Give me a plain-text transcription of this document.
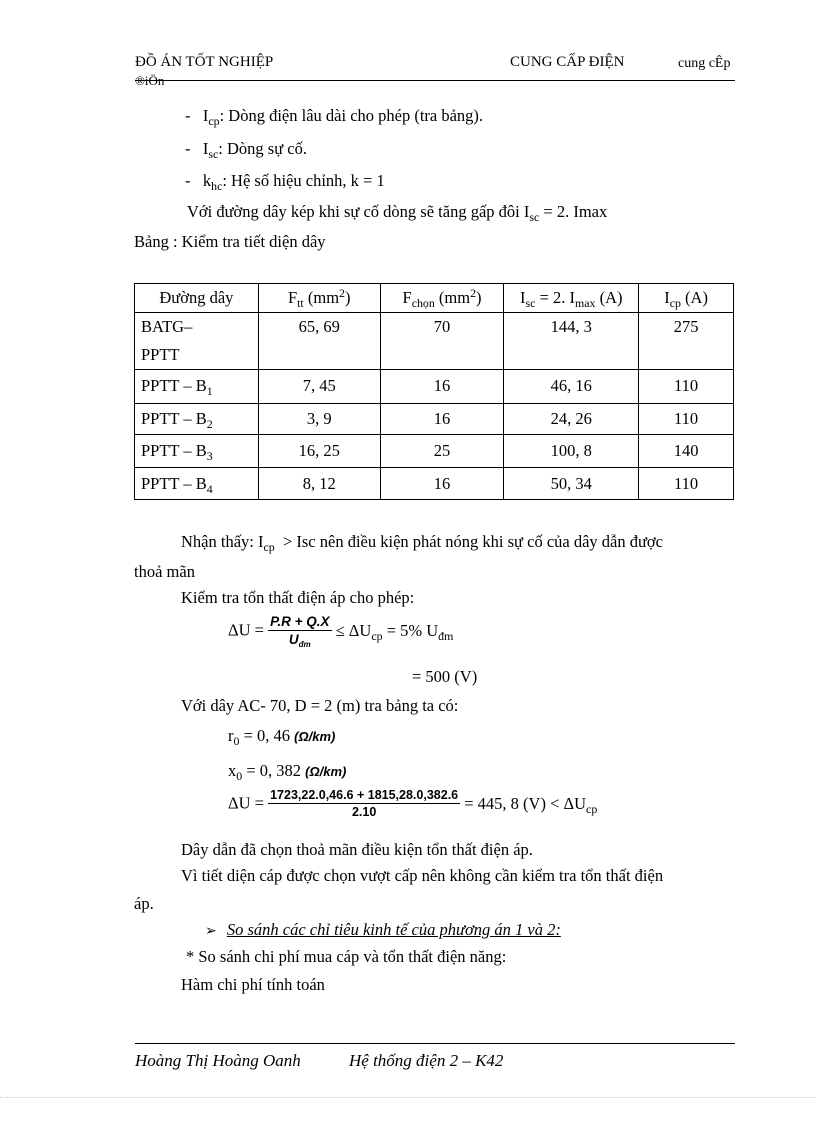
ĐỒ ÁN TỐT NGHIỆP	CUNG CẤP ĐIỆN	cung cÊp
®iÖn
-   $I_{cp}$: Dòng điện lâu dài cho phép (tra bảng).
-   $I_{sc}$: Dòng sự cố.
-   $k_{hc}$: Hệ số hiệu chỉnh, k = 1
Với đường dây kép khi sự cố dòng sẽ tăng gấp đôi $I_{sc} = 2$. Imax
Bảng : Kiểm tra tiết diện dây
Đường dây	$F_{tt}$ $(mm^2)$	$F_{chọn}$ $(mm^2)$	$I_{sc} = 2$. $I_{max}$ (A)	$I_{cp}$ (A)
BATG–
PPTT	65, 69	70	144, 3	275
PPTT – $B_1$	7, 45	16	46, 16	110
PPTT – $B_2$	3, 9	16	24, 26	110
PPTT – $B_3$	16, 25	25	100, 8	140
PPTT – $B_4$	8, 12	16	50, 34	110
Nhận thấy: $I_{cp}$  > Isc nên điều kiện phát nóng khi sự cố của dây dẫn được
thoả mãn
Kiểm tra tổn thất điện áp cho phép:
$\Delta U = \frac{P.R + Q.X}{U_{đm}} \le \Delta U_{cp} = 5\%$ $U_{đm}$
= 500 (V)
Với dây AC- 70, D = 2 (m) tra bảng ta có:
$r_0 = 0$, 46 (Ω/km)
$x_0 = 0$, 382 (Ω/km)
$\Delta U = \frac{1723,22.0,46.6 + 1815,28.0,382.6}{2.10} = 445$, 8 $(V) < \Delta U_{cp}$
Dây dẫn đã chọn thoả mãn điều kiện tổn thất điện áp.
Vì tiết diện cáp được chọn vượt cấp nên không cần kiểm tra tổn thất điện
áp.
➢ So sánh các chỉ tiêu kinh tế của phương án 1 và 2:
* So sánh chi phí mua cáp và tổn thất điện năng:
Hàm chi phí tính toán
Hoàng Thị Hoàng Oanh	Hệ thống điện 2 – K42
